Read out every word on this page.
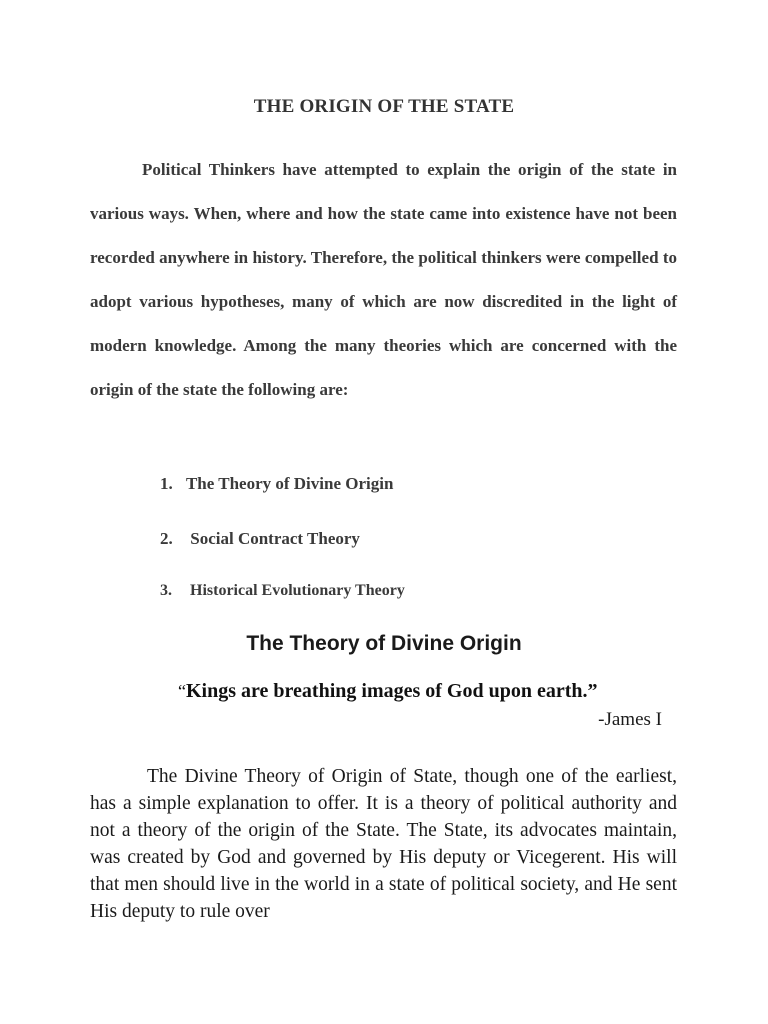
THE ORIGIN OF THE STATE

Political Thinkers have attempted to explain the origin of the state in various ways. When, where and how the state came into existence have not been recorded anywhere in history. Therefore, the political thinkers were compelled to adopt various hypotheses, many of which are now discredited in the light of modern knowledge. Among the many theories which are concerned with the origin of the state the following are:

1. The Theory of Divine Origin
2. Social Contract Theory
3. Historical Evolutionary Theory
The Theory of Divine Origin
“Kings are breathing images of God upon earth.”
-James I

The Divine Theory of Origin of State, though one of the earliest, has a simple explanation to offer. It is a theory of political authority and not a theory of the origin of the State. The State, its advocates maintain, was created by God and governed by His deputy or Vicegerent. His will that men should live in the world in a state of political society, and He sent His deputy to rule over
